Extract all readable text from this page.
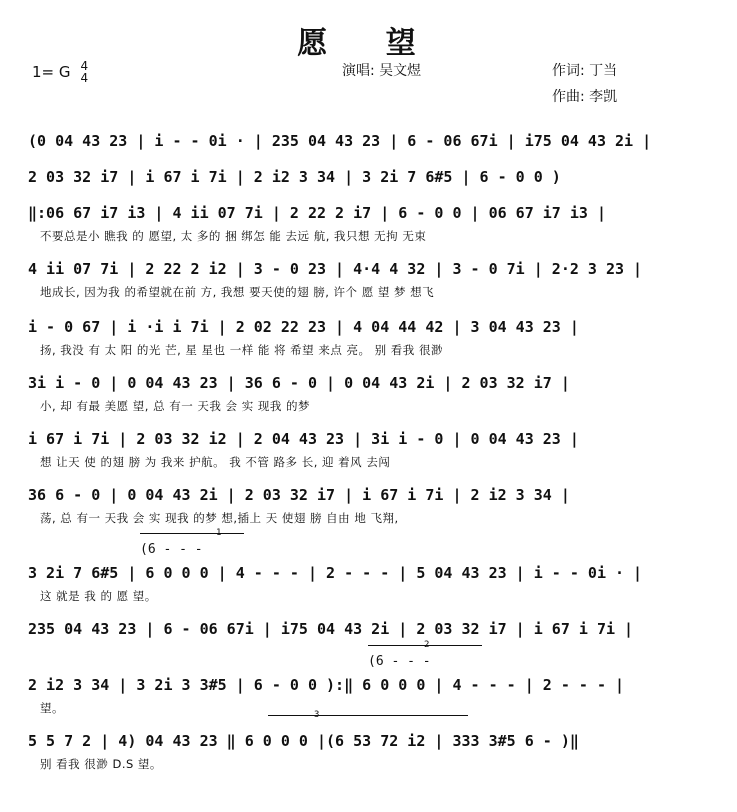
愿 望
1= G 4
4	演唱: 吴文煜	作词: 丁当
作曲: 李凯
(0 04 43 23 | i - - 0i · | 235 04 43 23 | 6 - 06 67i | i75 04 43 2i |
2 03 32 i7 | i 67 i 7i | 2 i2 3 34 | 3 2i 7 6#5 | 6 - 0 0 )
‖:06 67 i7 i3 | 4 ii 07 7i | 2 22 2 i7 | 6 - 0 0 | 06 67 i7 i3 |
不要总是小 瞧我 的 愿望, 太 多的 捆 绑怎 能 去远 航, 我只想 无拘 无束
4 ii 07 7i | 2 22 2 i2 | 3 - 0 23 | 4·4 4 32 | 3 - 0 7i | 2·2 3 23 |
地成长, 因为我 的希望就在前 方, 我想 要天使的翅 膀, 许个 愿 望 梦 想飞
i - 0 67 | i ·i i 7i | 2 02 22 23 | 4 04 44 42 | 3 04 43 23 |
扬, 我没 有 太 阳 的光 芒, 星 星也 一样 能 将 希望 来点 亮。 别 看我 很渺
3i i - 0 | 0 04 43 23 | 36 6 - 0 | 0 04 43 2i | 2 03 32 i7 |
小, 却 有最 美愿 望, 总 有一 天我 会 实 现我 的梦
i 67 i 7i | 2 03 32 i2 | 2 04 43 23 | 3i i - 0 | 0 04 43 23 |
想 让天 使 的翅 膀 为 我来 护航。 我 不管 路多 长, 迎 着风 去闯
36 6 - 0 | 0 04 43 2i | 2 03 32 i7 | i 67 i 7i | 2 i2 3 34 |
荡, 总 有一 天我 会 实 现我 的梦 想,插上 天 使翅 膀 自由 地 飞翔,
1
(6 - - -
3 2i 7 6#5 | 6 0 0 0 | 4 - - - | 2 - - - | 5 04 43 23 | i - - 0i · |
这 就是 我 的 愿 望。
235 04 43 23 | 6 - 06 67i | i75 04 43 2i | 2 03 32 i7 | i 67 i 7i |
2
(6 - - -
2 i2 3 34 | 3 2i 3 3#5 | 6 - 0 0 ):‖ 6 0 0 0 | 4 - - - | 2 - - - |
望。	3
5 5 7 2 | 4) 04 43 23 ‖ 6 0 0 0 |(6 53 72 i2 | 333 3#5 6 - )‖
别 看我 很渺 D.S 望。
